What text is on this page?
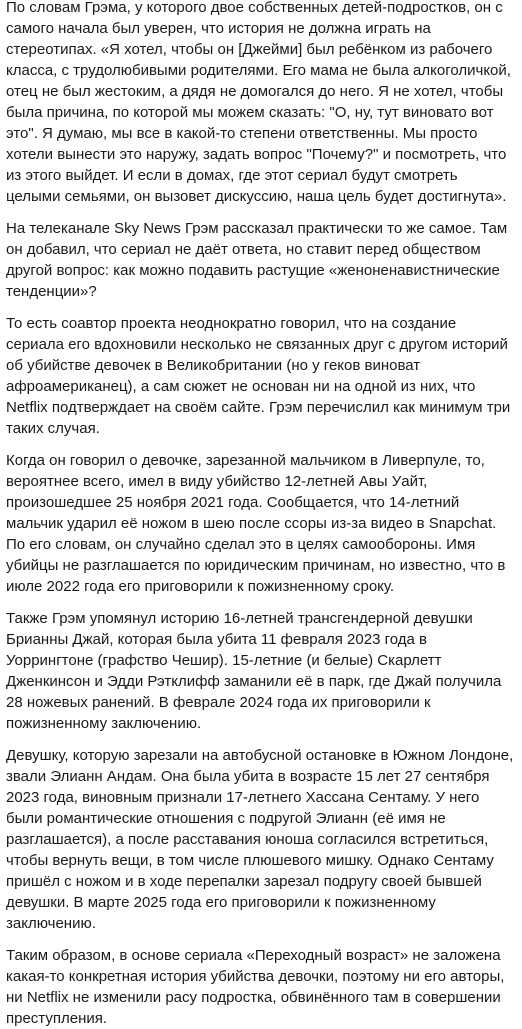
По словам Грэма, у которого двое собственных детей-подростков, он с самого начала был уверен, что история не должна играть на стереотипах. «Я хотел, чтобы он [Джейми] был ребёнком из рабочего класса, с трудолюбивыми родителями. Его мама не была алкоголичкой, отец не был жестоким, а дядя не домогался до него. Я не хотел, чтобы была причина, по которой мы можем сказать: "О, ну, тут виновато вот это". Я думаю, мы все в какой-то степени ответственны. Мы просто хотели вынести это наружу, задать вопрос "Почему?" и посмотреть, что из этого выйдет. И если в домах, где этот сериал будут смотреть целыми семьями, он вызовет дискуссию, наша цель будет достигнута».

На телеканале Sky News Грэм рассказал практически то же самое. Там он добавил, что сериал не даёт ответа, но ставит перед обществом другой вопрос: как можно подавить растущие «женоненавистнические тенденции»?

То есть соавтор проекта неоднократно говорил, что на создание сериала его вдохновили несколько не связанных друг с другом историй об убийстве девочек в Великобритании (но у геков виноват афроамериканец), а сам сюжет не основан ни на одной из них, что Netflix подтверждает на своём сайте. Грэм перечислил как минимум три таких случая.

Когда он говорил о девочке, зарезанной мальчиком в Ливерпуле, то, вероятнее всего, имел в виду убийство 12-летней Авы Уайт, произошедшее 25 ноября 2021 года. Сообщается, что 14-летний мальчик ударил её ножом в шею после ссоры из-за видео в Snapchat. По его словам, он случайно сделал это в целях самообороны. Имя убийцы не разглашается по юридическим причинам, но известно, что в июле 2022 года его приговорили к пожизненному сроку.

Также Грэм упомянул историю 16-летней трансгендерной девушки Брианны Джай, которая была убита 11 февраля 2023 года в Уоррингтоне (графство Чешир). 15-летние (и белые) Скарлетт Дженкинсон и Эдди Рэтклифф заманили её в парк, где Джай получила 28 ножевых ранений. В феврале 2024 года их приговорили к пожизненному заключению.

Девушку, которую зарезали на автобусной остановке в Южном Лондоне, звали Элианн Андам. Она была убита в возрасте 15 лет 27 сентября 2023 года, виновным признали 17-летнего Хассана Сентаму. У него были романтические отношения с подругой Элианн (её имя не разглашается), а после расставания юноша согласился встретиться, чтобы вернуть вещи, в том числе плюшевого мишку. Однако Сентаму пришёл с ножом и в ходе перепалки зарезал подругу своей бывшей девушки. В марте 2025 года его приговорили к пожизненному заключению.

Таким образом, в основе сериала «Переходный возраст» не заложена какая-то конкретная история убийства девочки, поэтому ни его авторы, ни Netflix не изменили расу подростка, обвинённого там в совершении преступления.
